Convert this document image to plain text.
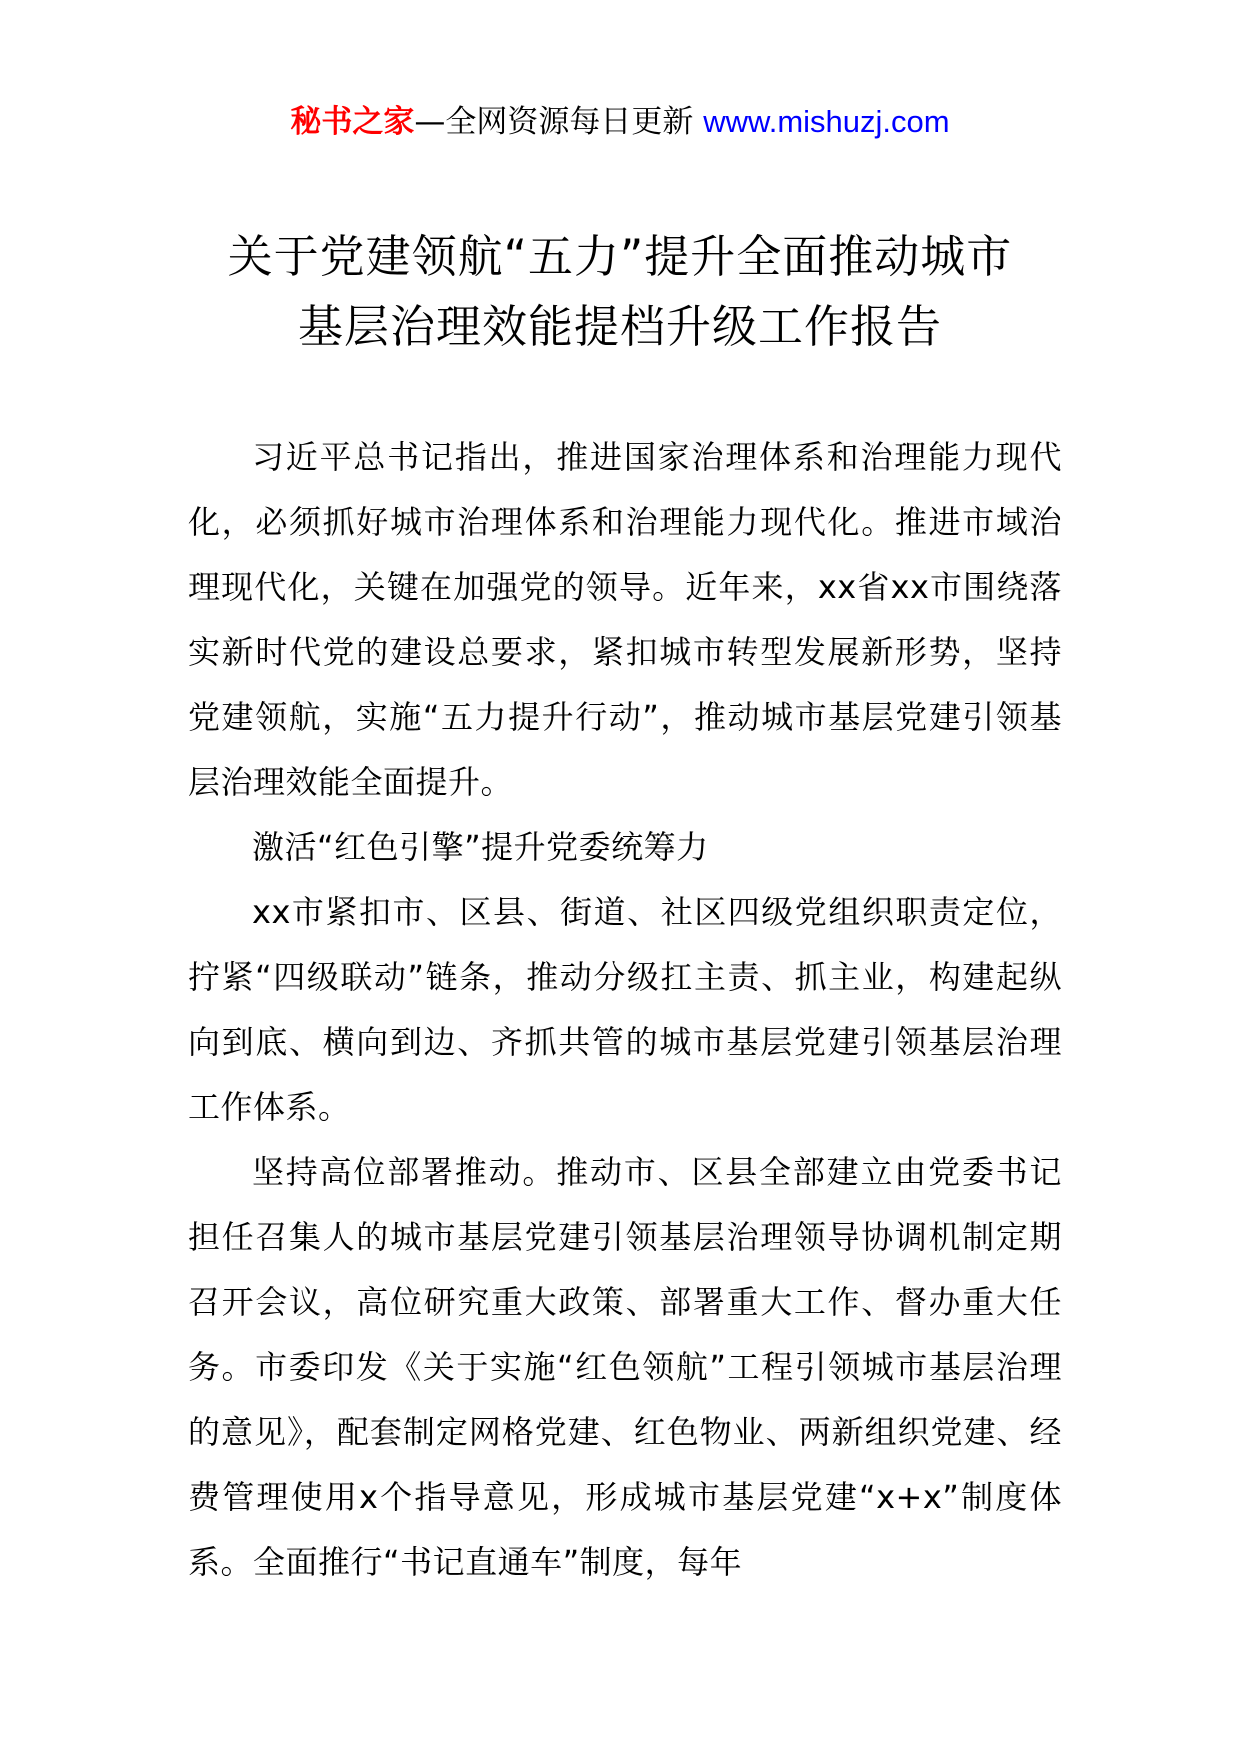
秘书之家—全网资源每日更新 www.mishuzj.com
关于党建领航“五力”提升全面推动城市
基层治理效能提档升级工作报告

习近平总书记指出，推进国家治理体系和治理能力现代化，必须抓好城市治理体系和治理能力现代化。推进市域治理现代化，关键在加强党的领导。近年来，xx省xx市围绕落实新时代党的建设总要求，紧扣城市转型发展新形势，坚持党建领航，实施“五力提升行动”，推动城市基层党建引领基层治理效能全面提升。

激活“红色引擎”提升党委统筹力

xx市紧扣市、区县、街道、社区四级党组织职责定位，拧紧“四级联动”链条，推动分级扛主责、抓主业，构建起纵向到底、横向到边、齐抓共管的城市基层党建引领基层治理工作体系。

坚持高位部署推动。推动市、区县全部建立由党委书记担任召集人的城市基层党建引领基层治理领导协调机制定期召开会议，高位研究重大政策、部署重大工作、督办重大任务。市委印发《关于实施“红色领航”工程引领城市基层治理的意见》，配套制定网格党建、红色物业、两新组织党建、经费管理使用x个指导意见，形成城市基层党建“x+x”制度体系。全面推行“书记直通车”制度，每年
